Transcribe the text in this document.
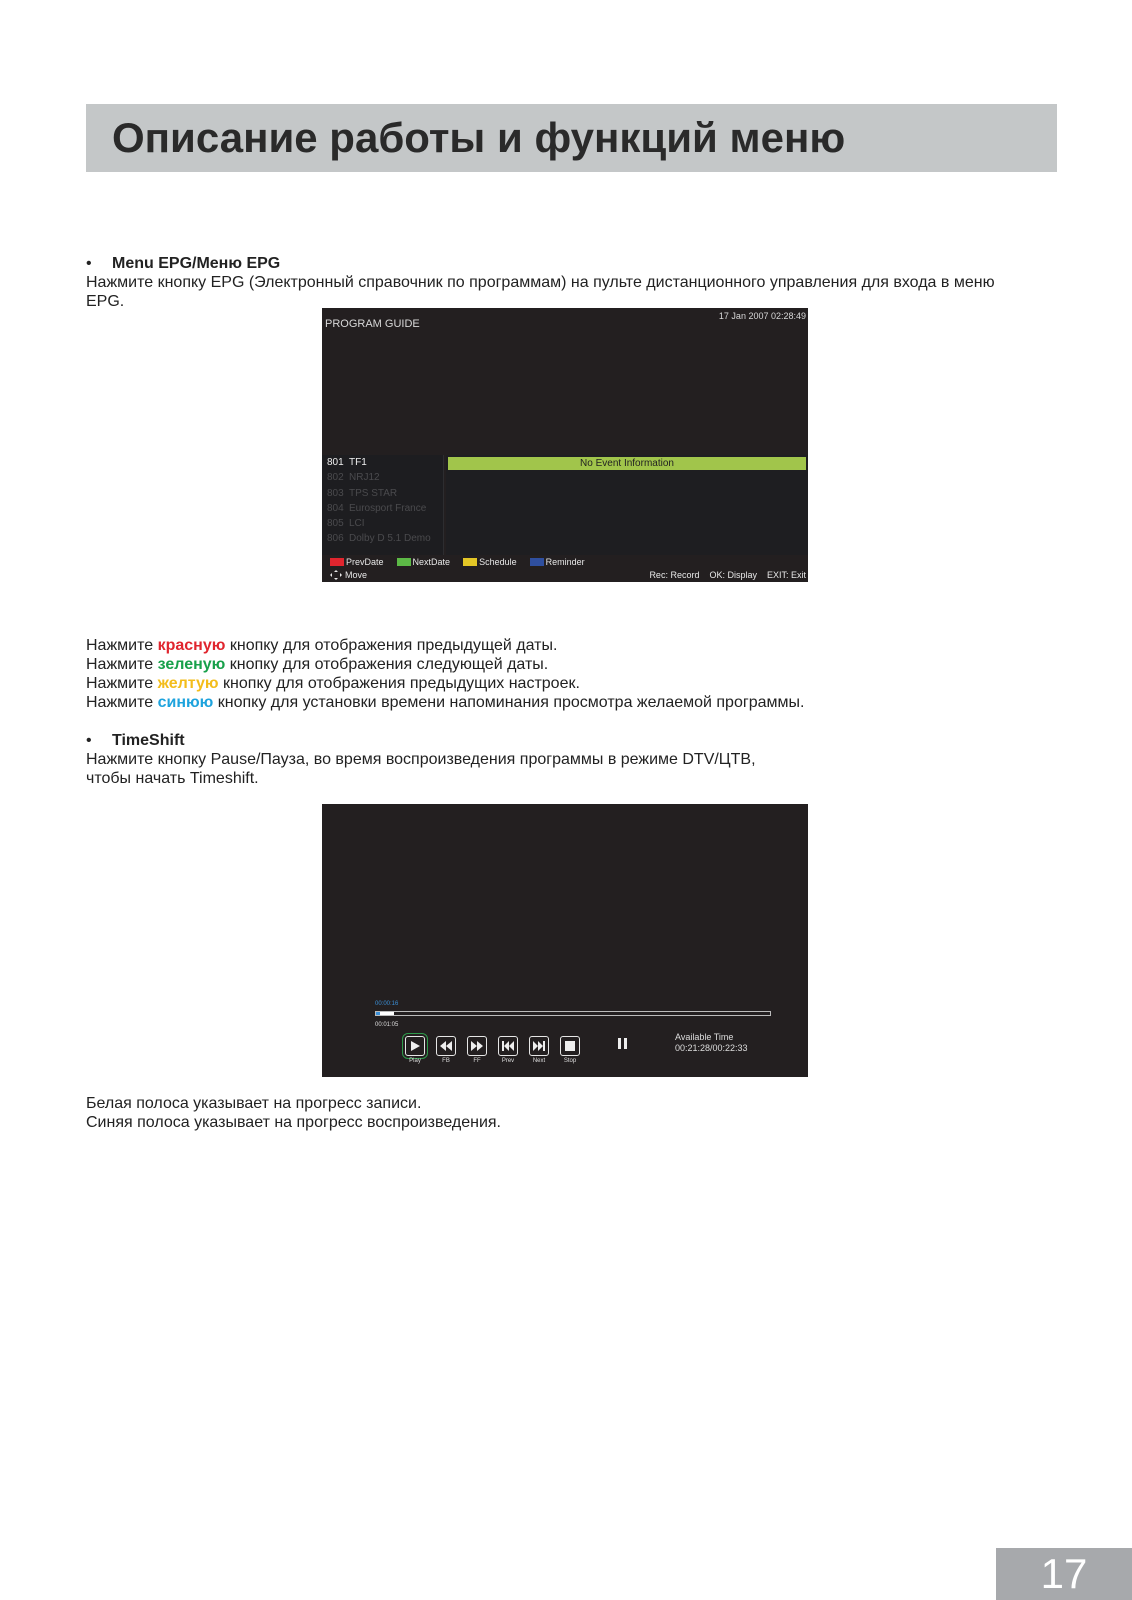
Описание работы и функций меню

• Menu EPG/Меню EPG

Нажмите кнопку EPG (Электронный справочник по программам) на пульте дистанционного управления для входа в меню

EPG.

PROGRAM GUIDE
17 Jan 2007 02:28:49
801 TF1
802 NRJ12
803 TPS STAR
804 Eurosport France
805 LCI
806 Dolby D 5.1 Demo
No Event Information
PrevDate	NextDate	Schedule	Reminder
Move	Rec: Record OK: Display EXIT: Exit

Нажмите красную кнопку для отображения предыдущей даты.

Нажмите зеленую кнопку для отображения следующей даты.

Нажмите желтую кнопку для отображения предыдущих настроек.

Нажмите синюю кнопку для установки времени напоминания просмотра желаемой программы.

• TimeShift

Нажмите кнопку Pause/Пауза, во время воспроизведения программы в режиме DTV/ЦТВ,

чтобы начать Timeshift.

00:00:16
00:01:05
Play	FB	FF	Prev	Next	Stop
Available Time
00:21:28/00:22:33

Белая полоса указывает на прогресс записи.

Синяя полоса указывает на прогресс воспроизведения.

17
